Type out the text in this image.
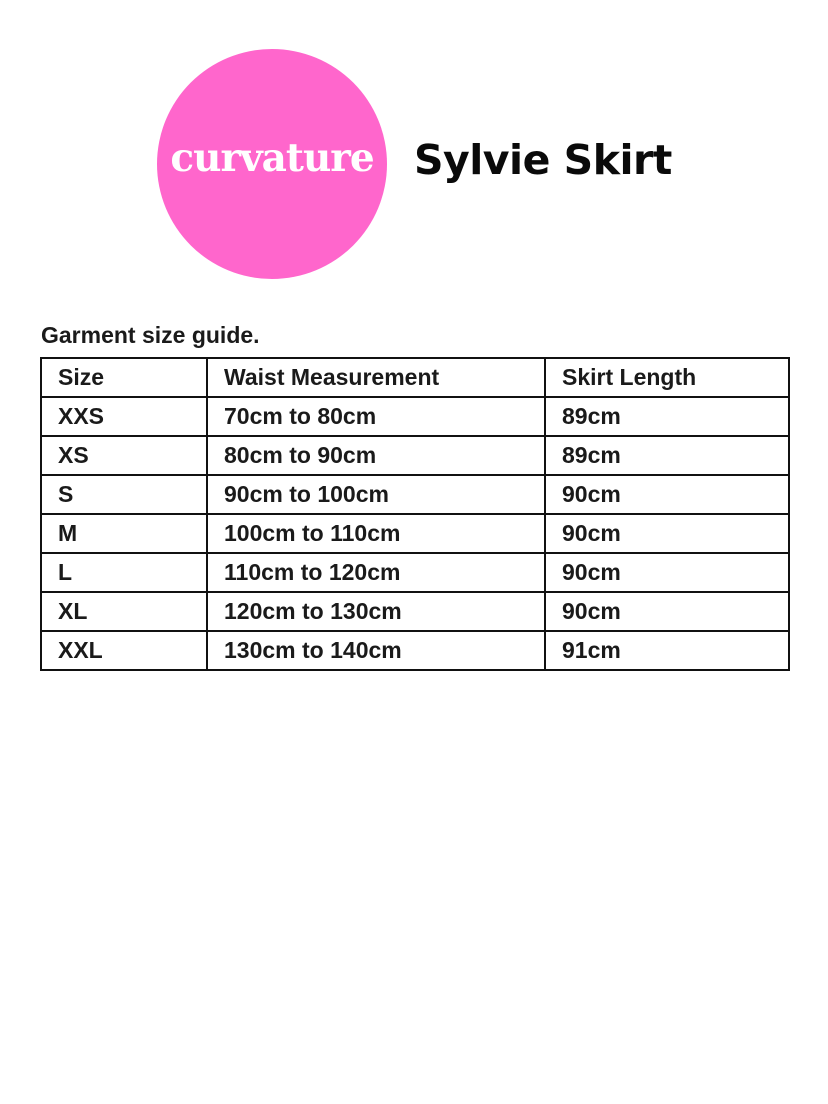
curvature Sylvie Skirt
Garment size guide.
Size	Waist Measurement	Skirt Length
XXS	70cm to 80cm	89cm
XS	80cm to 90cm	89cm
S	90cm to 100cm	90cm
M	100cm to 110cm	90cm
L	110cm to 120cm	90cm
XL	120cm to 130cm	90cm
XXL	130cm to 140cm	91cm
